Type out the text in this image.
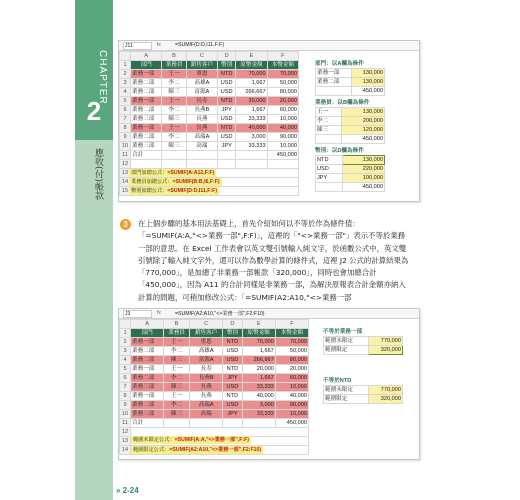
CHAPTER
2
應收(付)帳款
J11	fx	=SUMIF(D:D,I11,F:F)
	A	B	C	D	E	F
1	部門	業務員	銷售客戶	幣別	原幣金額	本幣金額
2	業務一部	王一	重恩	NTD	70,000	70,000
3	業務二部	李二	高雄A	USD	1,667	50,000
4	業務二部	陳三	富源A	USD	266,667	80,000
5	業務一部	王一	長寿	NTD	20,000	20,000
6	業務二部	李二	長燕B	JPY	1,667	60,000
7	業務三部	陳三	長燕	USD	33,333	10,000
8	業務一部	王一	長燕	NTD	40,000	40,000
9	業務二部	李二	高瑞A	USD	3,000	90,000
10	業務三部	陳三	高瑞	JPY	33,333	10,000
11	合計					450,000
12						
13						
14						
15						
部門加總公式：=SUMIF(A:A12,F:F)
業務員加總公式：=SUMIF(B:B,I6,F:F)
幣別加總公式：=SUMIF(D:D,I11,F:F)
部門：以A欄為條件
業務一部	130,000
業務二部	130,000
	450,000
業務員：以B欄為條件
王一	130,000
李二	200,000
陳三	120,000
	450,000
幣別：以D欄為條件
NTD	130,000
USD	220,000
JPY	100,000
	450,000
3	在上個步驟的基本用法基礎上，首先介紹如何以不等於作為條件值：「=SUMIF(A:A,"<>業務一部",F:F)」，這裡的「"<>業務一部"」表示不等於業務一部的意思。在 Excel 工作表會以英文雙引號輸入純文字，於函數公式中，英文雙引號除了輸入純文字外，還可以作為數學計算的條件式，這裡 J2 公式的計算結果為「770,000」，是加總了非業務一部帳款「320,000」，同時也會加總合計「450,000」，因為 A11 的合計同樣是非業務一部，為解決原報表合計金額亦納入計算的問題，可稍加修改公式：「=SUMIF(A2:A10,"<>業務一部
J3	fx	=SUMIF(A2:A10,"<>業務一部",F2:F10)
	A	B	C	D	E	F
1	部門	業務員	銷售客戶	幣別	原幣金額	本幣金額
2	業務一部	王一	重恩	NTD	70,000	70,000
3	業務二部	李二	高雄A	USD	1,667	50,000
4	業務二部	陳三	富源A	USD	266,667	80,000
5	業務一部	王一	長寿	NTD	20,000	20,000
6	業務二部	李二	長燕B	JPY	1,667	60,000
7	業務三部	陳三	長燕	USD	33,333	10,000
8	業務一部	王一	長燕	NTD	40,000	40,000
9	業務二部	李二	高瑞A	USD	3,000	90,000
10	業務三部	陳三	高瑞	JPY	33,333	10,000
11	合計					450,000
12						
13						
14						
範圍未限定公式：=SUMIF(A:A,"<>業務一部",F:F)
範圍限定公式：=SUMIF(A2:A10,"<>業務一部",F2:F10)
不等於業務一部
範圍未限定	770,000
範圍限定	320,000
不等於NTD
範圍未限定	770,000
範圍限定	320,000
» 2-24
